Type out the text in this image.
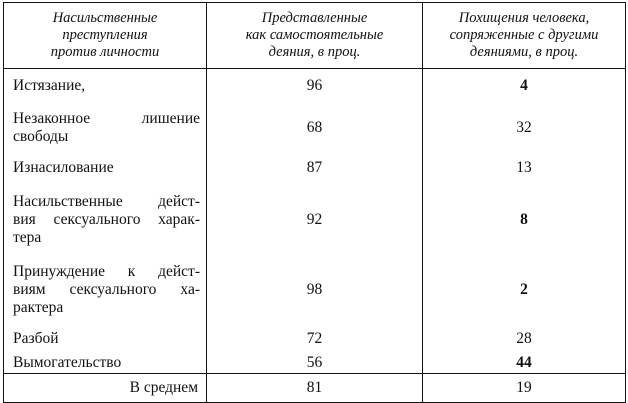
Насильственные
преступления
против личности	Представленные
как самостоятельные
деяния, в проц.	Похищения человека,
сопряженные с другими
деяниями, в проц.

Истязание,	96	4

Незаконное лишение
свободы	68	32

Изнасилование	87	13

Насильственные дейст-
вия сексуального харак-
тера	92	8

Принуждение к дейст-
виям сексуального ха-
рактера	98	2

Разбой	72	28

Вымогательство	56	44
В среднем	81	19
